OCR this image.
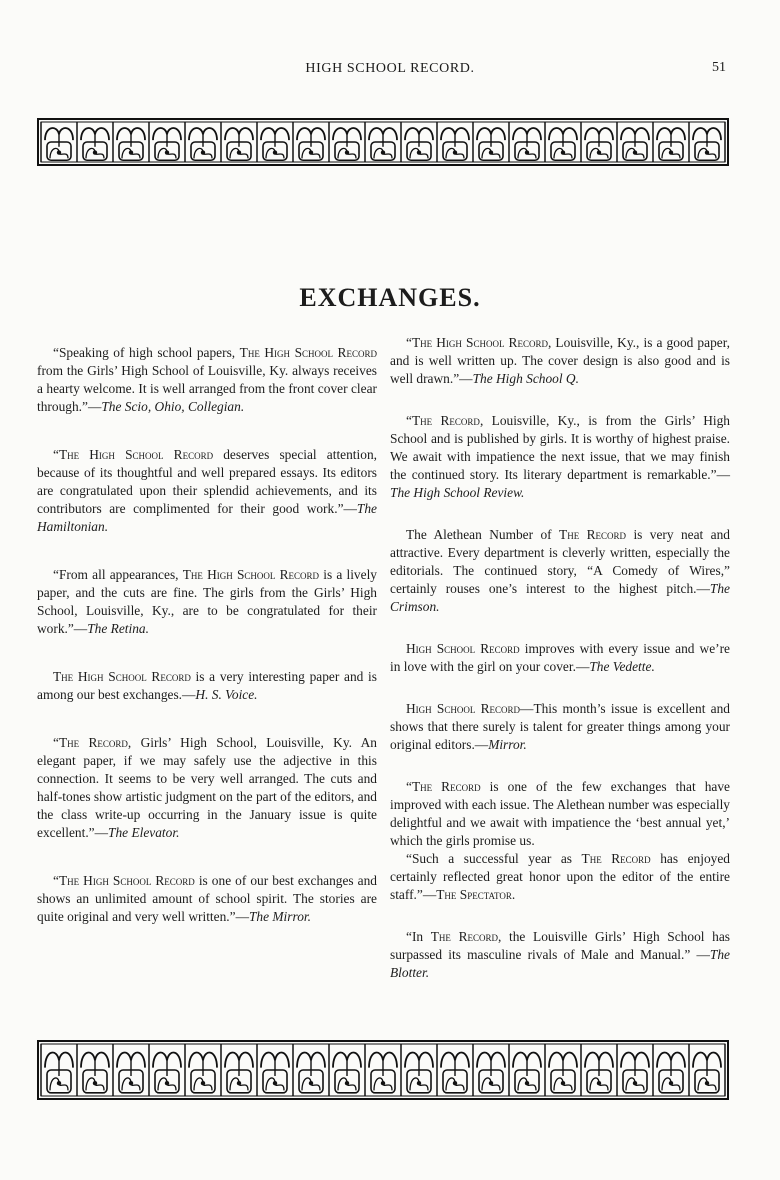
HIGH SCHOOL RECORD.	51
EXCHANGES.

“Speaking of high school papers, The High School Record from the Girls’ High School of Louisville, Ky. always receives a hearty welcome. It is well arranged from the front cover clear through.”—The Scio, Ohio, Collegian.

“The High School Record deserves special attention, because of its thoughtful and well prepared essays. Its editors are congratulated upon their splendid achievements, and its contributors are complimented for their good work.”—The Hamiltonian.

“From all appearances, The High School Record is a lively paper, and the cuts are fine. The girls from the Girls’ High School, Louisville, Ky., are to be congratulated for their work.”—The Retina.

The High School Record is a very interesting paper and is among our best exchanges.—H. S. Voice.

“The Record, Girls’ High School, Louisville, Ky. An elegant paper, if we may safely use the adjective in this connection. It seems to be very well arranged. The cuts and half-tones show artistic judgment on the part of the editors, and the class write-up occurring in the January issue is quite excellent.”—The Elevator.

“The High School Record is one of our best exchanges and shows an unlimited amount of school spirit. The stories are quite original and very well written.”—The Mirror.

“The High School Record, Louisville, Ky., is a good paper, and is well written up. The cover design is also good and is well drawn.”—The High School Q.

“The Record, Louisville, Ky., is from the Girls’ High School and is published by girls. It is worthy of highest praise. We await with impatience the next issue, that we may finish the continued story. Its literary department is remarkable.”—The High School Review.

The Alethean Number of The Record is very neat and attractive. Every department is cleverly written, especially the editorials. The continued story, “A Comedy of Wires,” certainly rouses one’s interest to the highest pitch.—The Crimson.

High School Record improves with every issue and we’re in love with the girl on your cover.—The Vedette.

High School Record—This month’s issue is excellent and shows that there surely is talent for greater things among your original editors.—Mirror.

“The Record is one of the few exchanges that have improved with each issue. The Alethean number was especially delightful and we await with impatience the ‘best annual yet,’ which the girls promise us.

“Such a successful year as The Record has enjoyed certainly reflected great honor upon the editor of the entire staff.”—The Spectator.

“In The Record, the Louisville Girls’ High School has surpassed its masculine rivals of Male and Manual.” —The Blotter.
